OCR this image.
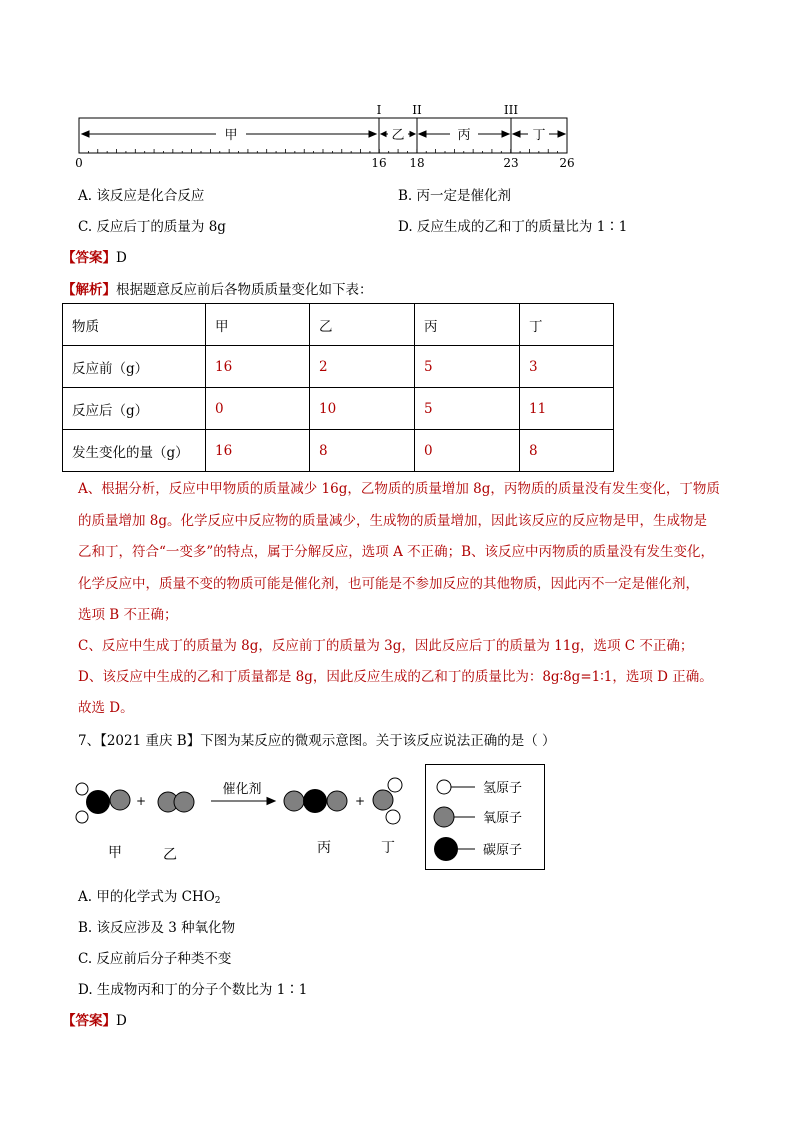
甲	乙	丙	丁
I	II	III
0	16 18	23	26
A. 该反应是化合反应	B. 丙一定是催化剂
C. 反应后丁的质量为 8g	D. 反应生成的乙和丁的质量比为 1∶1
【答案】D
【解析】根据题意反应前后各物质质量变化如下表：
物质	甲	乙	丙	丁
反应前（g）	16	2	5	3
反应后（g）	0	10	5	11
发生变化的量（g）	16	8	0	8
A、根据分析，反应中甲物质的质量减少 16g，乙物质的质量增加 8g，丙物质的质量没有发生变化，丁物质
的质量增加 8g。化学反应中反应物的质量减少，生成物的质量增加，因此该反应的反应物是甲，生成物是
乙和丁，符合“一变多”的特点，属于分解反应，选项 A 不正确；B、该反应中丙物质的质量没有发生变化，
化学反应中，质量不变的物质可能是催化剂，也可能是不参加反应的其他物质，因此丙不一定是催化剂，
选项 B 不正确；
C、反应中生成丁的质量为 8g，反应前丁的质量为 3g，因此反应后丁的质量为 11g，选项 C 不正确；
D、该反应中生成的乙和丁质量都是 8g，因此反应生成的乙和丁的质量比为：8g∶8g=1∶1，选项 D 正确。
故选 D。
7、【2021 重庆 B】下图为某反应的微观示意图。关于该反应说法正确的是（ ）
+
催化剂
+
甲	乙	丙	丁
氢原子
氧原子
碳原子
A. 甲的化学式为 $CHO_2$
B. 该反应涉及 3 种氧化物
C. 反应前后分子种类不变
D. 生成物丙和丁的分子个数比为 1∶1
【答案】D
